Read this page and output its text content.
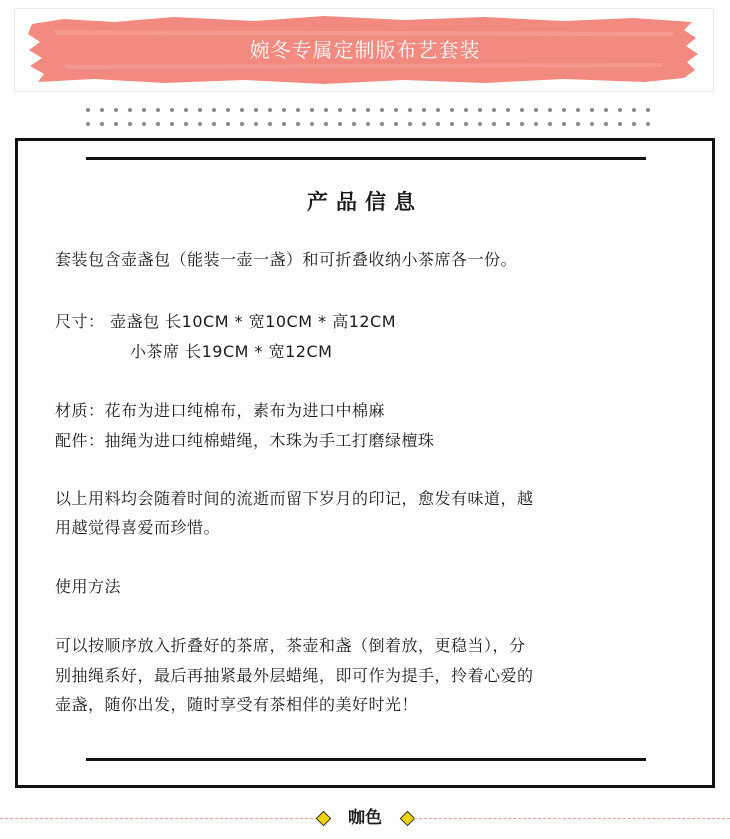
婉冬专属定制版布艺套装
产品信息
套装包含壶盏包（能装一壶一盏）和可折叠收纳小茶席各一份。
尺寸： 壶盏包 长10CM * 宽10CM * 高12CM
小茶席 长19CM * 宽12CM
材质：花布为进口纯棉布，素布为进口中棉麻
配件：抽绳为进口纯棉蜡绳，木珠为手工打磨绿檀珠
以上用料均会随着时间的流逝而留下岁月的印记，愈发有味道，越
用越觉得喜爱而珍惜。
使用方法
可以按顺序放入折叠好的茶席，茶壶和盏（倒着放，更稳当），分
别抽绳系好，最后再抽紧最外层蜡绳，即可作为提手，拎着心爱的
壶盏，随你出发，随时享受有茶相伴的美好时光！
咖色
